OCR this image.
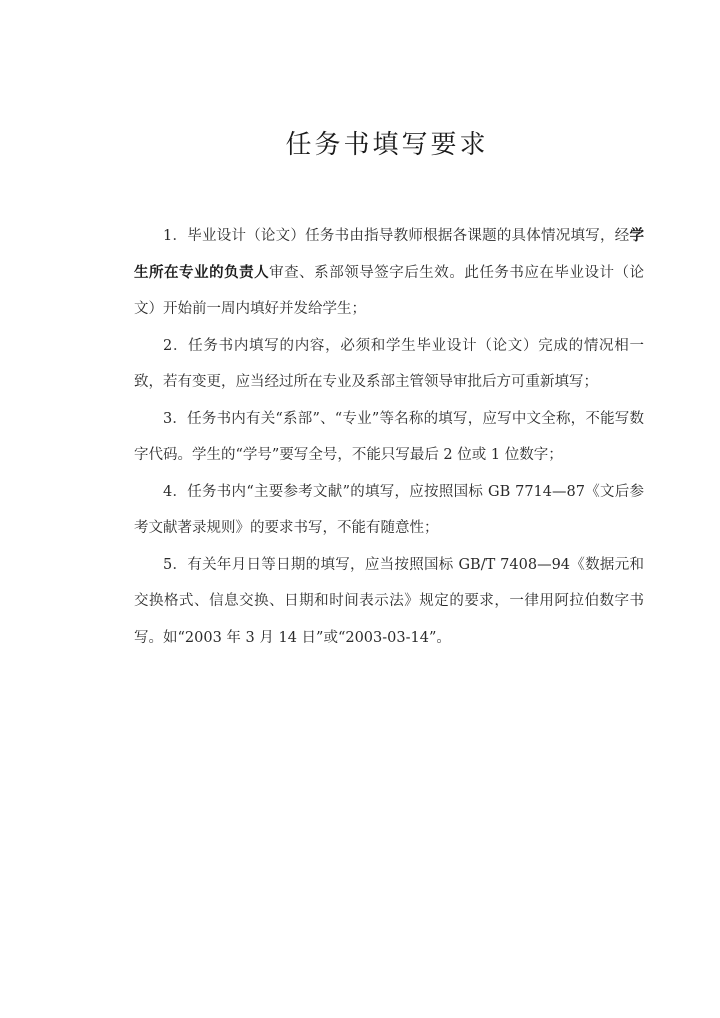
任务书填写要求

1．毕业设计（论文）任务书由指导教师根据各课题的具体情况填写，经学生所在专业的负责人审查、系部领导签字后生效。此任务书应在毕业设计（论文）开始前一周内填好并发给学生；

2．任务书内填写的内容，必须和学生毕业设计（论文）完成的情况相一致，若有变更，应当经过所在专业及系部主管领导审批后方可重新填写；

3．任务书内有关“系部”、“专业”等名称的填写，应写中文全称，不能写数字代码。学生的“学号”要写全号，不能只写最后 2 位或 1 位数字；

4．任务书内“主要参考文献”的填写，应按照国标 GB 7714—87《文后参考文献著录规则》的要求书写，不能有随意性；

5．有关年月日等日期的填写，应当按照国标 GB/T 7408—94《数据元和交换格式、信息交换、日期和时间表示法》规定的要求，一律用阿拉伯数字书写。如“2003 年 3 月 14 日”或“2003-03-14”。
